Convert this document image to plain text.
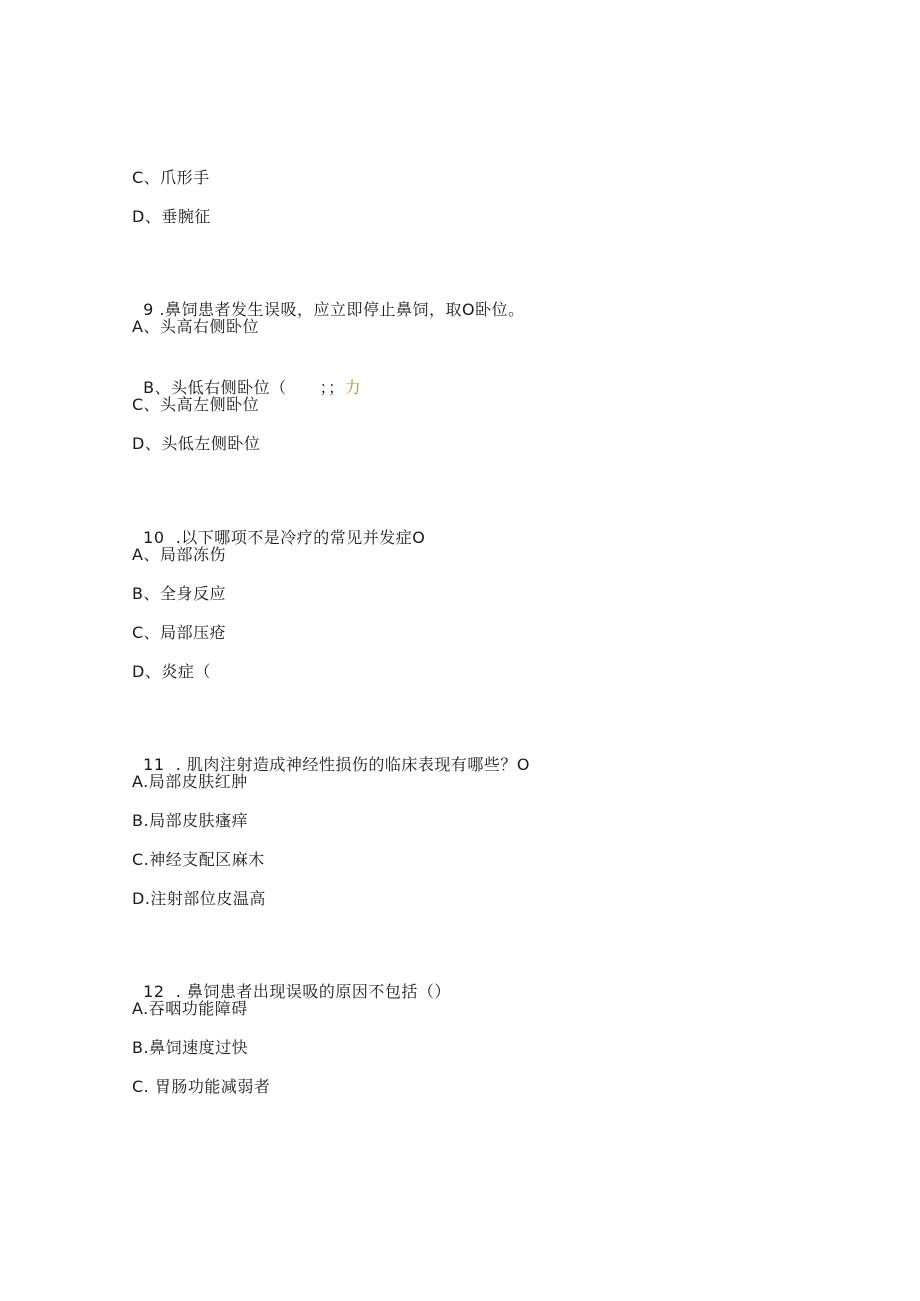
C、爪形手
D、垂腕征

9 .鼻饲患者发生误吸，应立即停止鼻饲，取O卧位。

A、头高右侧卧位

B、头低右侧卧位（　　；；力

C、头高左侧卧位
D、头低左侧卧位

10  .以下哪项不是冷疗的常见并发症O

A、局部冻伤
B、全身反应
C、局部压疮
D、炎症（

11  . 肌肉注射造成神经性损伤的临床表现有哪些？O

A.局部皮肤红肿
B.局部皮肤瘙痒
C.神经支配区麻木
D.注射部位皮温高

12  . 鼻饲患者出现误吸的原因不包括（）

A.吞咽功能障碍
B.鼻饲速度过快
C. 胃肠功能减弱者
